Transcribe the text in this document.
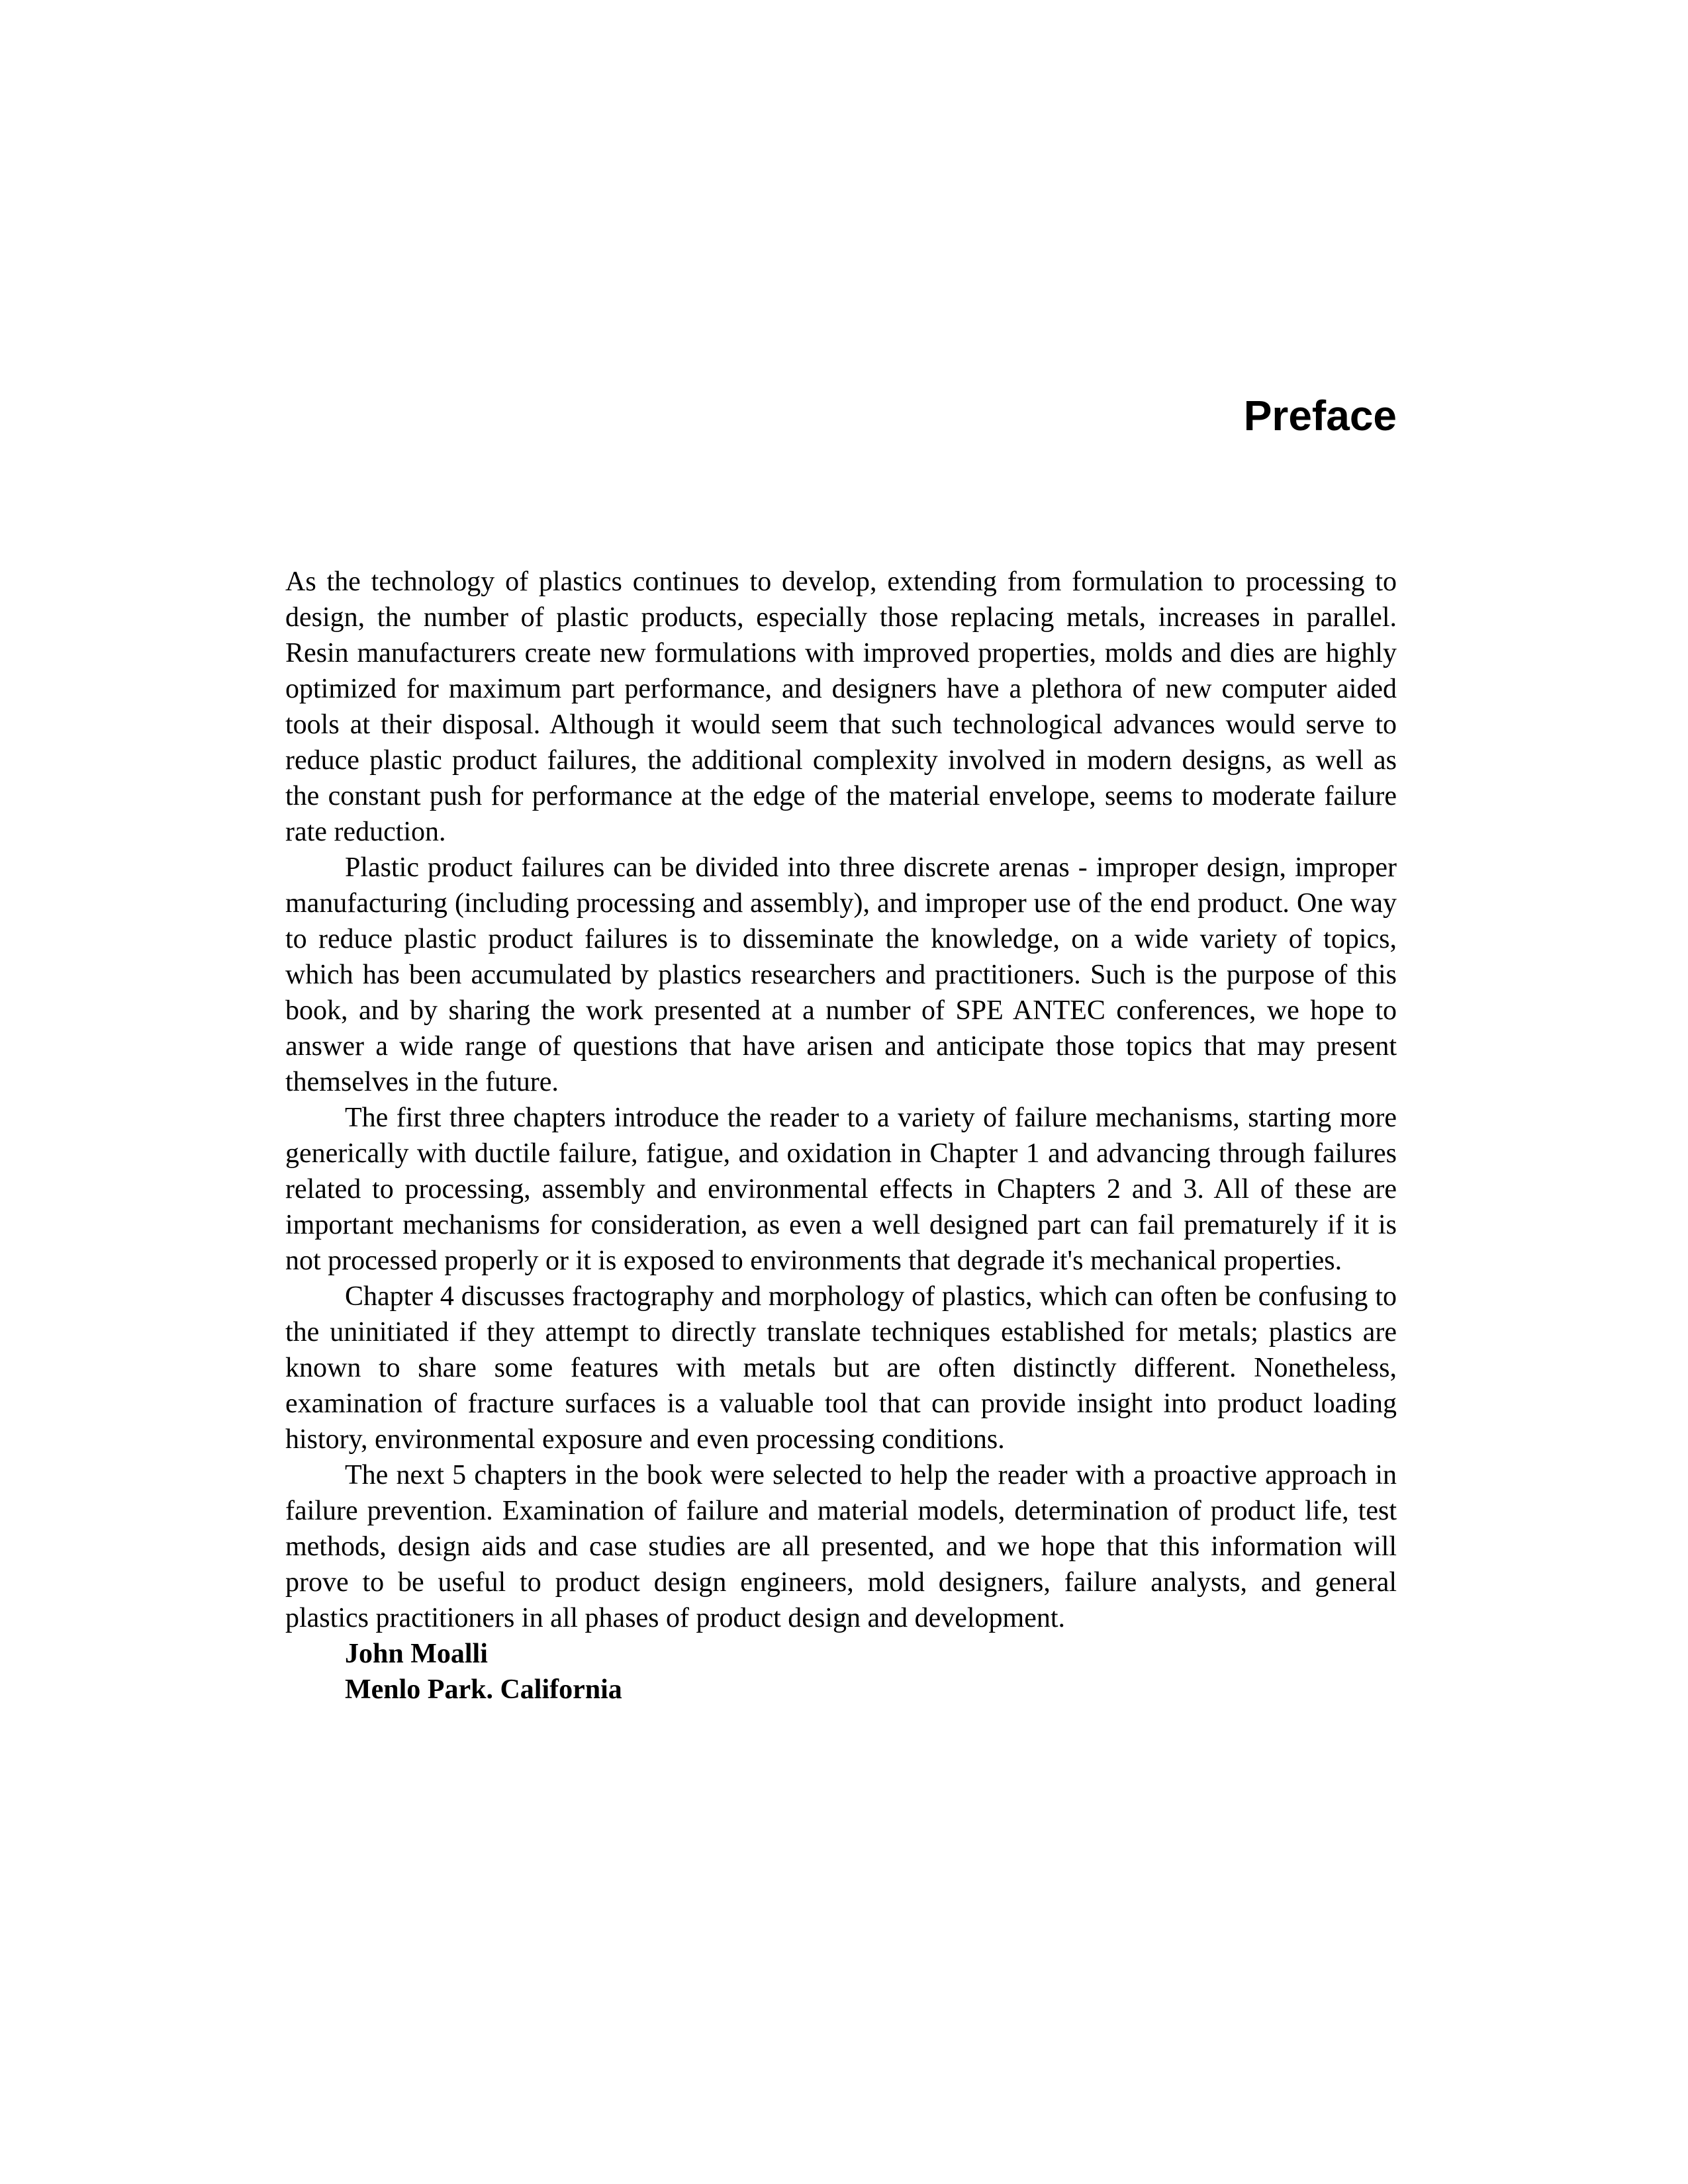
Preface

As the technology of plastics continues to develop, extending from formulation to processing to design, the number of plastic products, especially those replacing metals, increases in parallel. Resin manufacturers create new formulations with improved properties, molds and dies are highly optimized for maximum part performance, and designers have a plethora of new computer aided tools at their disposal. Although it would seem that such technological advances would serve to reduce plastic product failures, the additional complexity involved in modern designs, as well as the constant push for performance at the edge of the material envelope, seems to moderate failure rate reduction.

Plastic product failures can be divided into three discrete arenas - improper design, improper manufacturing (including processing and assembly), and improper use of the end product. One way to reduce plastic product failures is to disseminate the knowledge, on a wide variety of topics, which has been accumulated by plastics researchers and practitioners. Such is the purpose of this book, and by sharing the work presented at a number of SPE ANTEC conferences, we hope to answer a wide range of questions that have arisen and anticipate those topics that may present themselves in the future.

The first three chapters introduce the reader to a variety of failure mechanisms, starting more generically with ductile failure, fatigue, and oxidation in Chapter 1 and advancing through failures related to processing, assembly and environmental effects in Chapters 2 and 3. All of these are important mechanisms for consideration, as even a well designed part can fail prematurely if it is not processed properly or it is exposed to environments that degrade it's mechanical properties.

Chapter 4 discusses fractography and morphology of plastics, which can often be confusing to the uninitiated if they attempt to directly translate techniques established for metals; plastics are known to share some features with metals but are often distinctly different. Nonetheless, examination of fracture surfaces is a valuable tool that can provide insight into product loading history, environmental exposure and even processing conditions.

The next 5 chapters in the book were selected to help the reader with a proactive approach in failure prevention. Examination of failure and material models, determination of product life, test methods, design aids and case studies are all presented, and we hope that this information will prove to be useful to product design engineers, mold designers, failure analysts, and general plastics practitioners in all phases of product design and development.

John Moalli
Menlo Park. California
